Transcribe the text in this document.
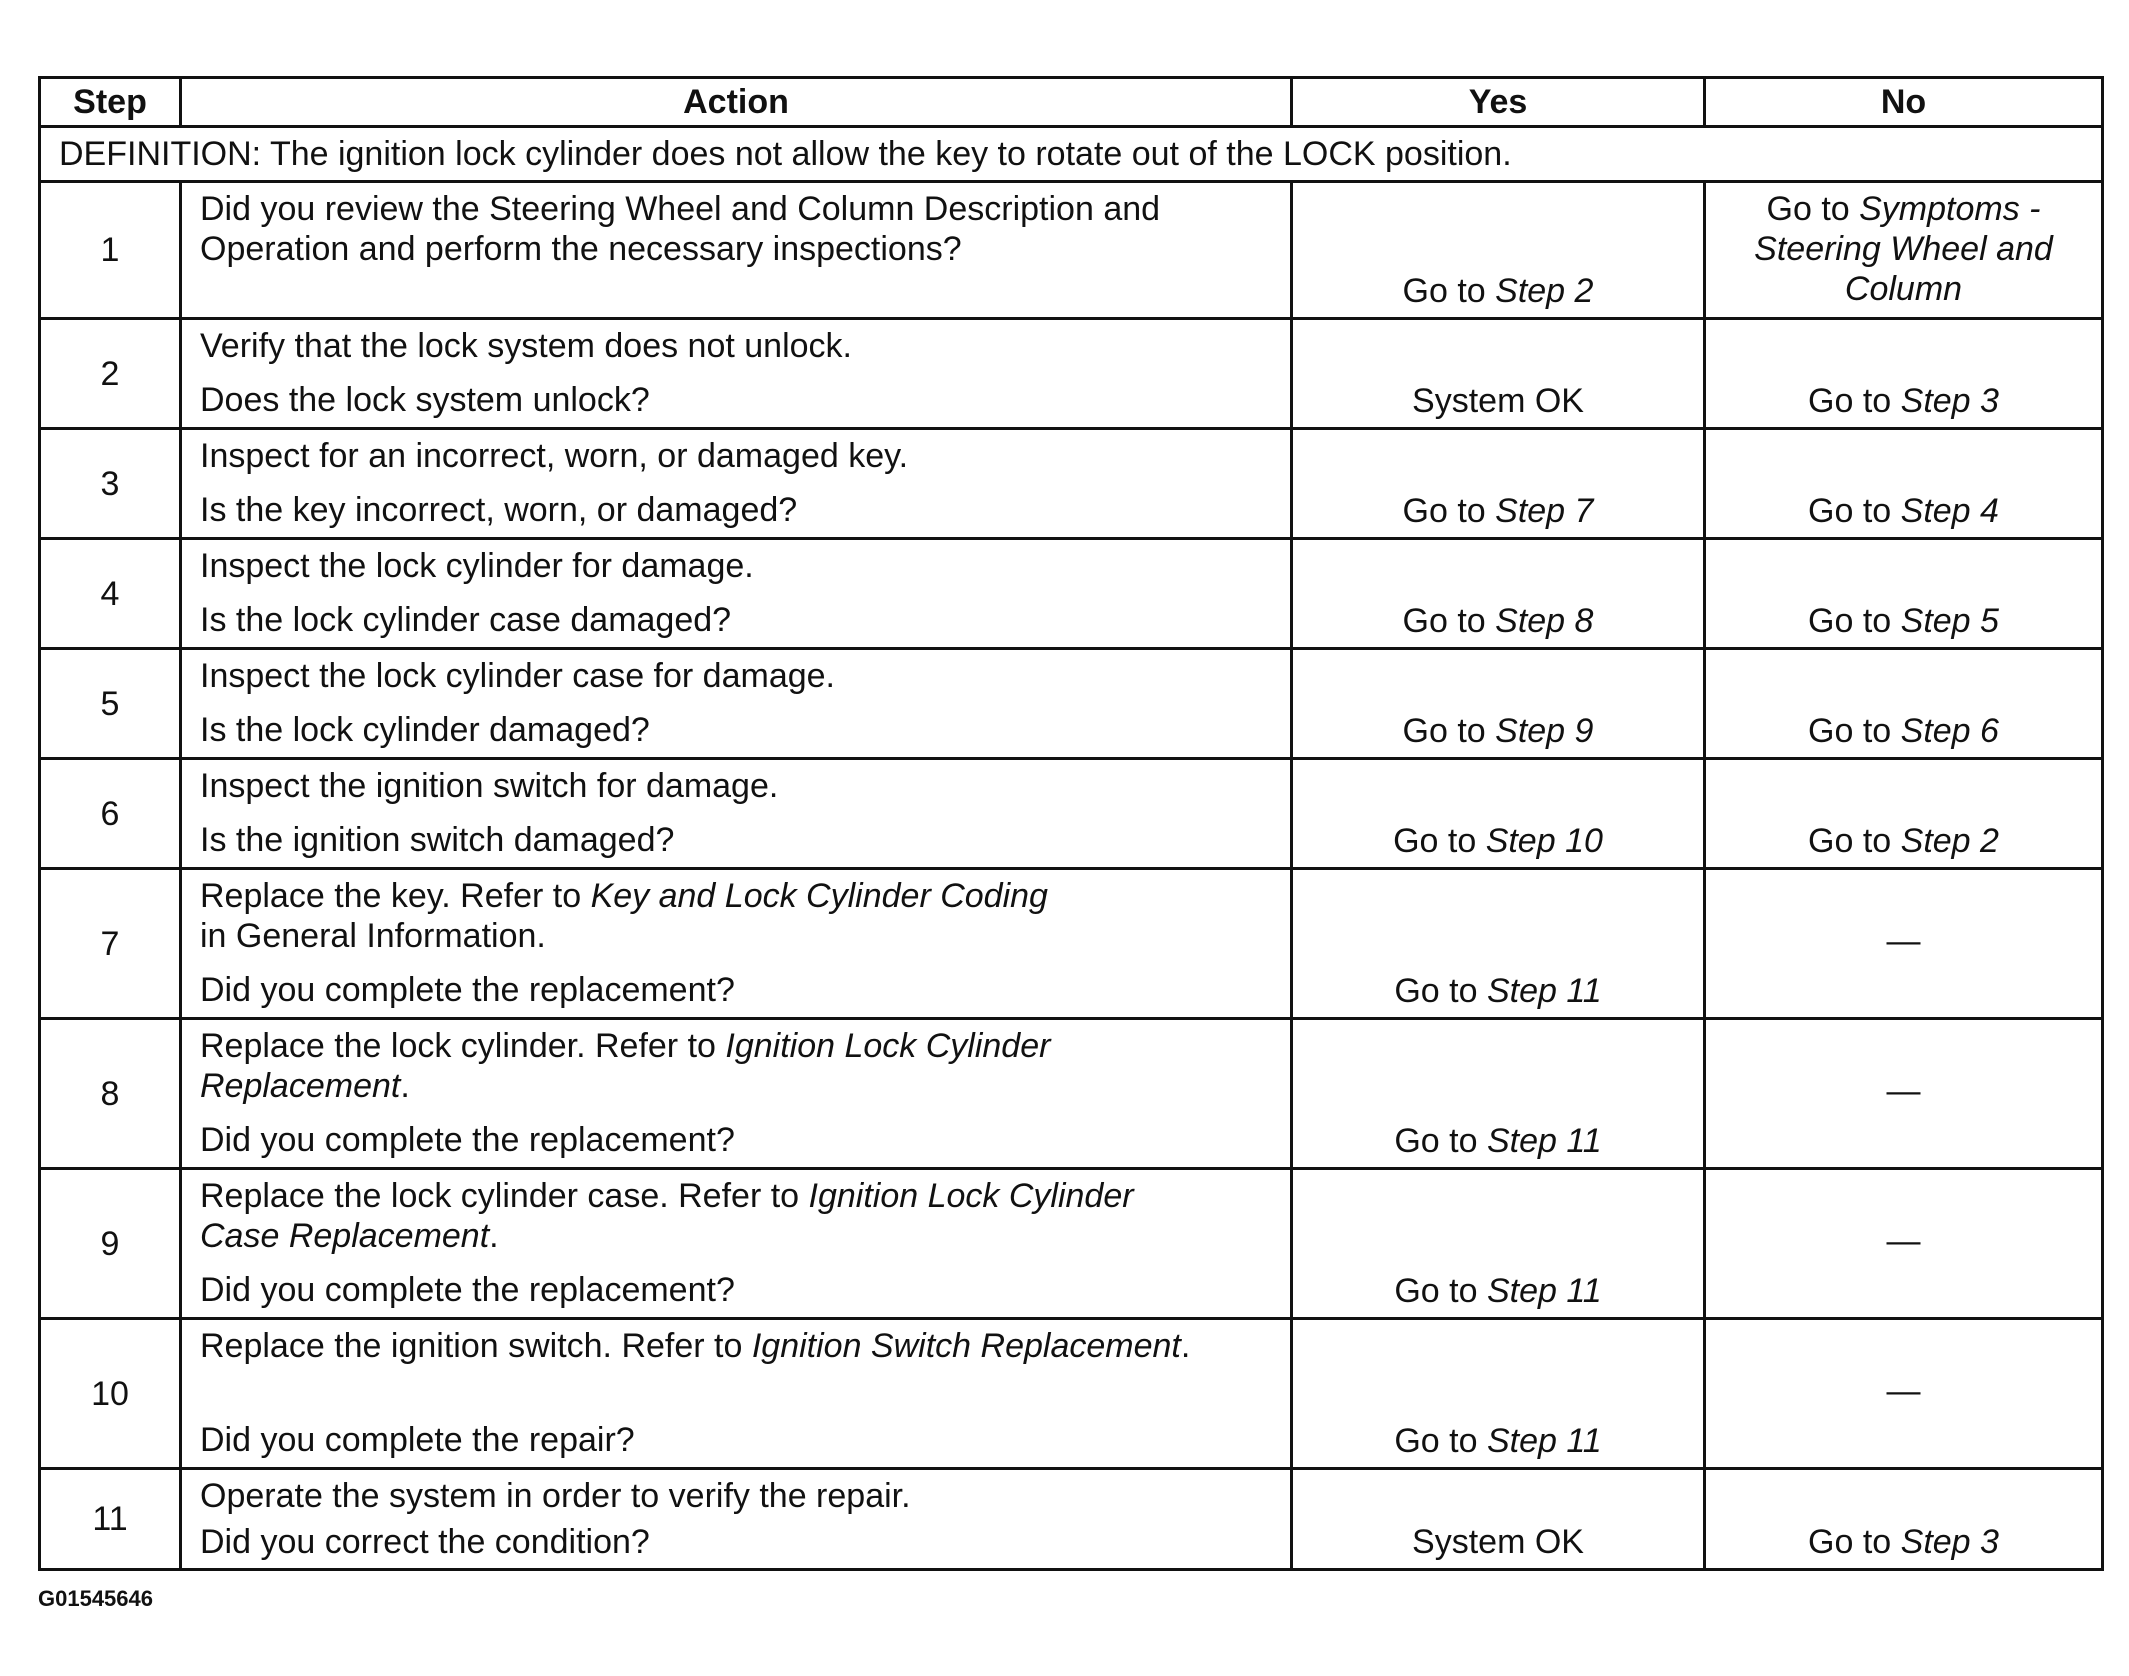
Step	Action	Yes	No
DEFINITION: The ignition lock cylinder does not allow the key to rotate out of the LOCK position.			
1	Did you review the Steering Wheel and Column Description and
Operation and perform the necessary inspections?	Go to Step 2	Go to Symptoms -
Steering Wheel and
Column

2	Verify that the lock system does not unlock.
Does the lock system unlock?	System OK	Go to Step 3
3	Inspect for an incorrect, worn, or damaged key.
Is the key incorrect, worn, or damaged?	Go to Step 7	Go to Step 4
4	Inspect the lock cylinder for damage.
Is the lock cylinder case damaged?	Go to Step 8	Go to Step 5
5	Inspect the lock cylinder case for damage.
Is the lock cylinder damaged?	Go to Step 9	Go to Step 6
6	Inspect the ignition switch for damage.
Is the ignition switch damaged?	Go to Step 10	Go to Step 2
7	Replace the key. Refer to Key and Lock Cylinder Coding
in General Information.
Did you complete the replacement?	Go to Step 11	—
8	Replace the lock cylinder. Refer to Ignition Lock Cylinder
Replacement.
Did you complete the replacement?	Go to Step 11	—
9	Replace the lock cylinder case. Refer to Ignition Lock Cylinder
Case Replacement.
Did you complete the replacement?	Go to Step 11	—
10	Replace the ignition switch. Refer to Ignition Switch Replacement.
Did you complete the repair?	Go to Step 11	—
11	Operate the system in order to verify the repair.
Did you correct the condition?	System OK	Go to Step 3
G01545646
